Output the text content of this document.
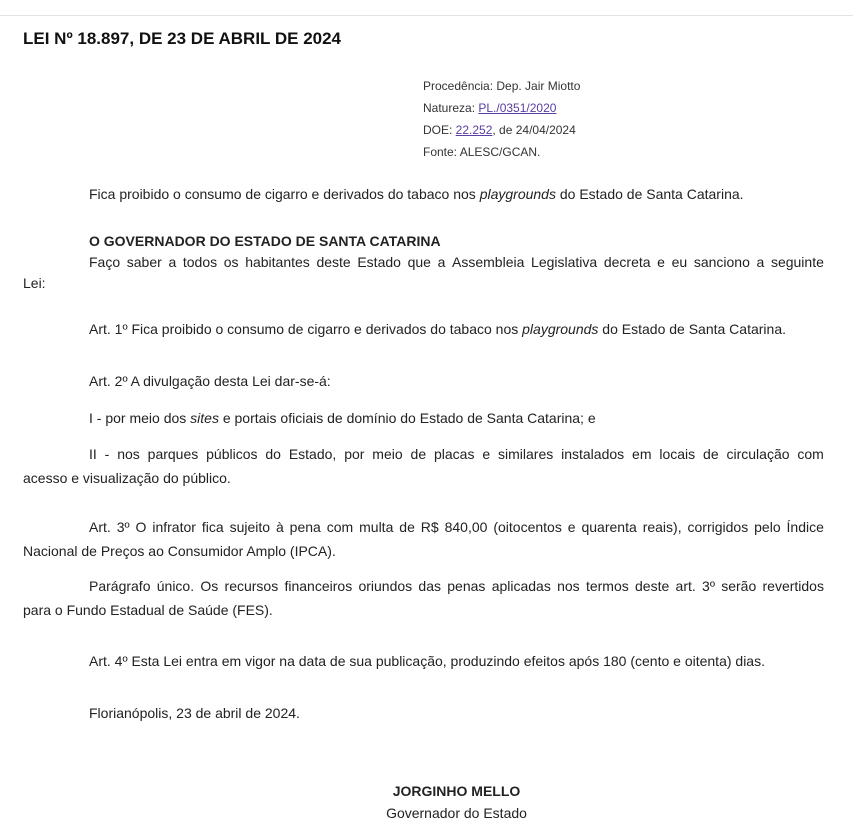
LEI Nº 18.897, DE 23 DE ABRIL DE 2024
Procedência: Dep. Jair Miotto
Natureza: PL./0351/2020
DOE: 22.252, de 24/04/2024
Fonte: ALESC/GCAN.
Fica proibido o consumo de cigarro e derivados do tabaco nos playgrounds do Estado de Santa Catarina.
O GOVERNADOR DO ESTADO DE SANTA CATARINA
Faço saber a todos os habitantes deste Estado que a Assembleia Legislativa decreta e eu sanciono a seguinte
Lei:
Art. 1º Fica proibido o consumo de cigarro e derivados do tabaco nos playgrounds do Estado de Santa Catarina.
Art. 2º A divulgação desta Lei dar-se-á:
I - por meio dos sites e portais oficiais de domínio do Estado de Santa Catarina; e
II - nos parques públicos do Estado, por meio de placas e similares instalados em locais de circulação com
acesso e visualização do público.
Art. 3º O infrator fica sujeito à pena com multa de R$ 840,00 (oitocentos e quarenta reais), corrigidos pelo Índice
Nacional de Preços ao Consumidor Amplo (IPCA).
Parágrafo único. Os recursos financeiros oriundos das penas aplicadas nos termos deste art. 3º serão revertidos
para o Fundo Estadual de Saúde (FES).
Art. 4º Esta Lei entra em vigor na data de sua publicação, produzindo efeitos após 180 (cento e oitenta) dias.
Florianópolis, 23 de abril de 2024.
JORGINHO MELLO
Governador do Estado
